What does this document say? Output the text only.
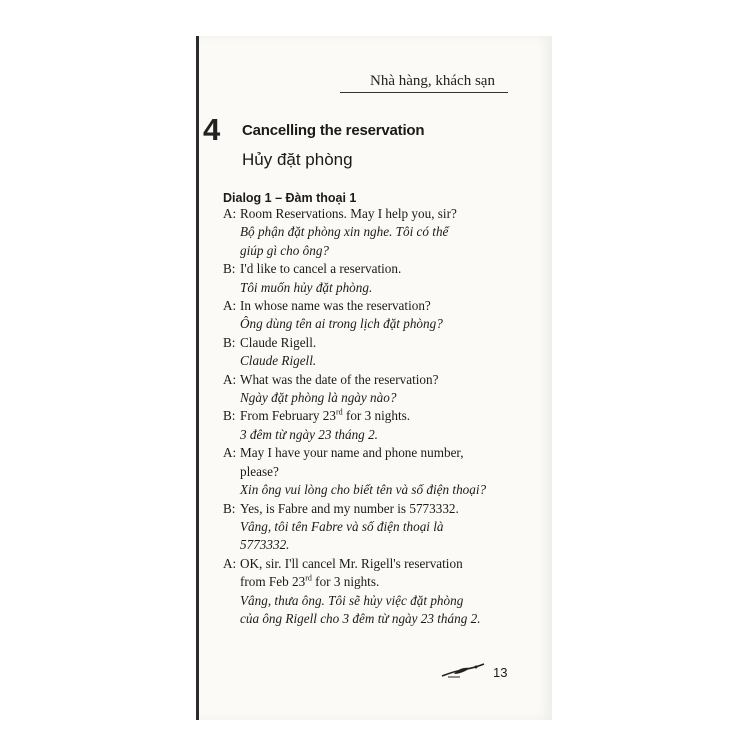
Nhà hàng, khách sạn
4 Cancelling the reservation
Hủy đặt phòng
Dialog 1 – Đàm thoại 1
A: Room Reservations. May I help you, sir?
Bộ phận đặt phòng xin nghe. Tôi có thể
giúp gì cho ông?
B: I'd like to cancel a reservation.
Tôi muốn hủy đặt phòng.
A: In whose name was the reservation?
Ông dùng tên ai trong lịch đặt phòng?
B: Claude Rigell.
Claude Rigell.
A: What was the date of the reservation?
Ngày đặt phòng là ngày nào?
B: From February 23rd for 3 nights.
3 đêm từ ngày 23 tháng 2.
A: May I have your name and phone number,
please?
Xin ông vui lòng cho biết tên và số điện thoại?
B: Yes, is Fabre and my number is 5773332.
Vâng, tôi tên Fabre và số điện thoại là
5773332.
A: OK, sir. I'll cancel Mr. Rigell's reservation
from Feb 23rd for 3 nights.
Vâng, thưa ông. Tôi sẽ hủy việc đặt phòng
của ông Rigell cho 3 đêm từ ngày 23 tháng 2.
13
